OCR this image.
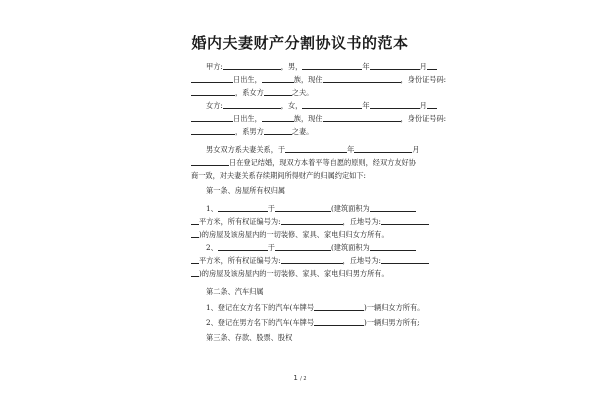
婚内夫妻财产分割协议书的范本
甲方:	，男，	年	月
日出生，	族，现住	，身份证号码:
，系女方	之夫。
女方:	，女，	年	月
日出生，	族，现住	，身份证号码:
，系男方	之妻。
男女双方系夫妻关系，于	年	月
日在登记结婚，现双方本着平等自愿的原则，经双方友好协
商一致，对夫妻关系存续期间所得财产的归属约定如下:
第一条、房屋所有权归属
1、	于	(建筑面积为
平方米，所有权证编号为:	，丘地号为:
)的房屋及该房屋内的一切装修、家具、家电归归女方所有。
2、	于	(建筑面积为
平方米，所有权证编号为:	，丘地号为:
)的房屋及该房屋内的一切装修、家具、家电归归男方所有。
第二条、汽车归属
1、登记在女方名下的汽车(车牌号	)一辆归女方所有。
2、登记在男方名下的汽车(车牌号	)一辆归男方所有;
第三条、存款、股票、股权
1 / 2
